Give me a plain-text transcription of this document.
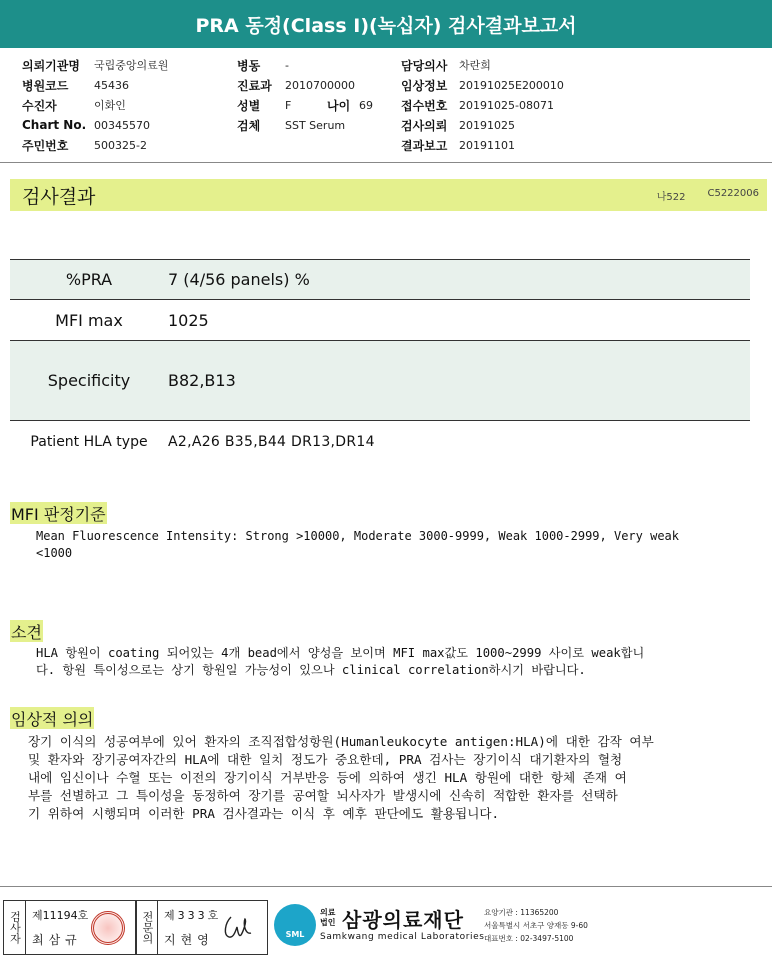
PRA 동정(Class I)(녹십자) 검사결과보고서
의뢰기관명	국립중앙의료원
병원코드	45436
수진자	이화인
Chart No. 00345570
주민번호	500325-2
병동	-
진료과	2010700000
성별	F	나이 69
검체	SST Serum
담당의사	차란희
임상정보	20191025E200010
접수번호	20191025-08071
검사의뢰	20191025
결과보고	20191101
검사결과	나522 C5222006
%PRA	7 (4/56 panels) %
MFI max	1025
Specificity	B82,B13
Patient HLA type	A2,A26 B35,B44 DR13,DR14
MFI 판정기준
Mean Fluorescence Intensity: Strong >10000, Moderate 3000-9999, Weak 1000-2999, Very weak
<1000
소견
HLA 항원이 coating 되어있는 4개 bead에서 양성을 보이며 MFI max값도 1000~2999 사이로 weak합니
다. 항원 특이성으로는 상기 항원일 가능성이 있으나 clinical correlation하시기 바랍니다.
임상적 의의
장기 이식의 성공여부에 있어 환자의 조직접합성항원(Humanleukocyte antigen:HLA)에 대한 감작 여부
및 환자와 장기공여자간의 HLA에 대한 일치 정도가 중요한데, PRA 검사는 장기이식 대기환자의 혈청
내에 임신이나 수혈 또는 이전의 장기이식 거부반응 등에 의하여 생긴 HLA 항원에 대한 항체 존재 여
부를 선별하고 그 특이성을 동정하여 장기를 공여할 뇌사자가 발생시에 신속히 적합한 환자를 선택하
기 위하여 시행되며 이러한 PRA 검사결과는 이식 후 예후 판단에도 활용됩니다.
검사자 제11194호
최삼규	전문의 제333호
지현영	SML
의료법인 삼광의료재단
Samkwang medical Laboratories
요양기관 : 11365200
서울특별시 서초구 양재동 9-60
대표번호 : 02-3497-5100
